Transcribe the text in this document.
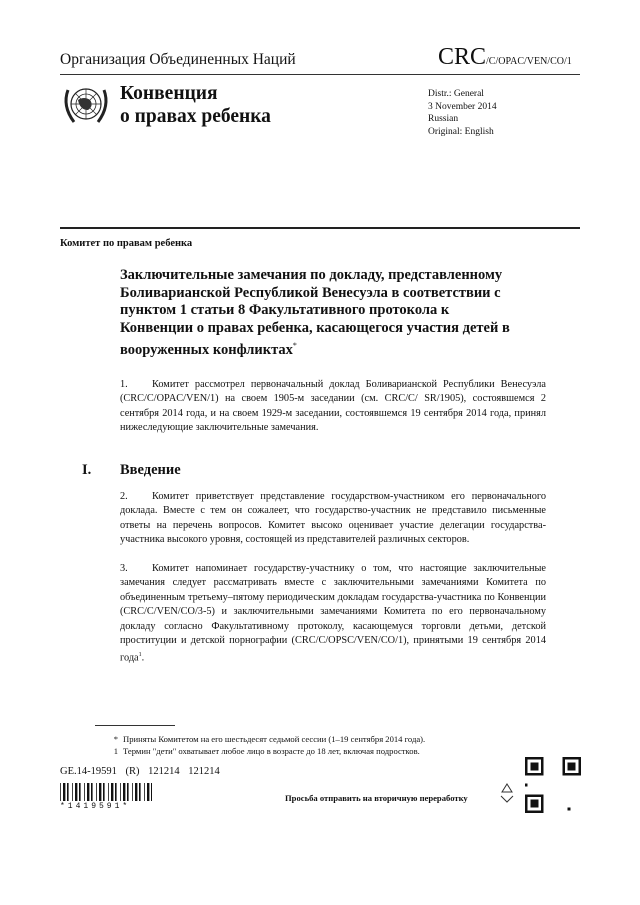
Организация Объединенных Наций	CRC/C/OPAC/VEN/CO/1
Конвенция
о правах ребенка
Distr.: General
3 November 2014
Russian
Original: English
Комитет по правам ребенка
Заключительные замечания по докладу, представленному Боливарианской Республикой Венесуэла в соответствии с пунктом 1 статьи 8 Факультативного протокола к Конвенции о правах ребенка, касающегося участия детей в вооруженных конфликтах*
1. Комитет рассмотрел первоначальный доклад Боливарианской Республики Венесуэла (CRC/C/OPAC/VEN/1) на своем 1905-м заседании (см. CRC/C/ SR/1905), состоявшемся 2 сентября 2014 года, и на своем 1929-м заседании, состоявшемся 19 сентября 2014 года, принял нижеследующие заключительные замечания.
I. Введение
2. Комитет приветствует представление государством-участником его первоначального доклада. Вместе с тем он сожалеет, что государство-участник не представило письменные ответы на перечень вопросов. Комитет высоко оценивает участие делегации государства-участника высокого уровня, состоящей из представителей различных секторов.
3. Комитет напоминает государству-участнику о том, что настоящие заключительные замечания следует рассматривать вместе с заключительными замечаниями Комитета по объединенным третьему–пятому периодическим докладам государства-участника по Конвенции (CRC/C/VEN/CO/3-5) и заключительными замечаниями Комитета по его первоначальному докладу согласно Факультативному протоколу, касающемуся торговли детьми, детской проституции и детской порнографии (CRC/C/OPSC/VEN/CO/1), принятыми 19 сентября 2014 года$^1$.
* Приняты Комитетом на его шестьдесят седьмой сессии (1–19 сентября 2014 года).
1 Термин "дети" охватывает любое лицо в возрасте до 18 лет, включая подростков.
GE.14-19591 (R) 121214 121214
*1419591*
Просьба отправить на вторичную переработку
